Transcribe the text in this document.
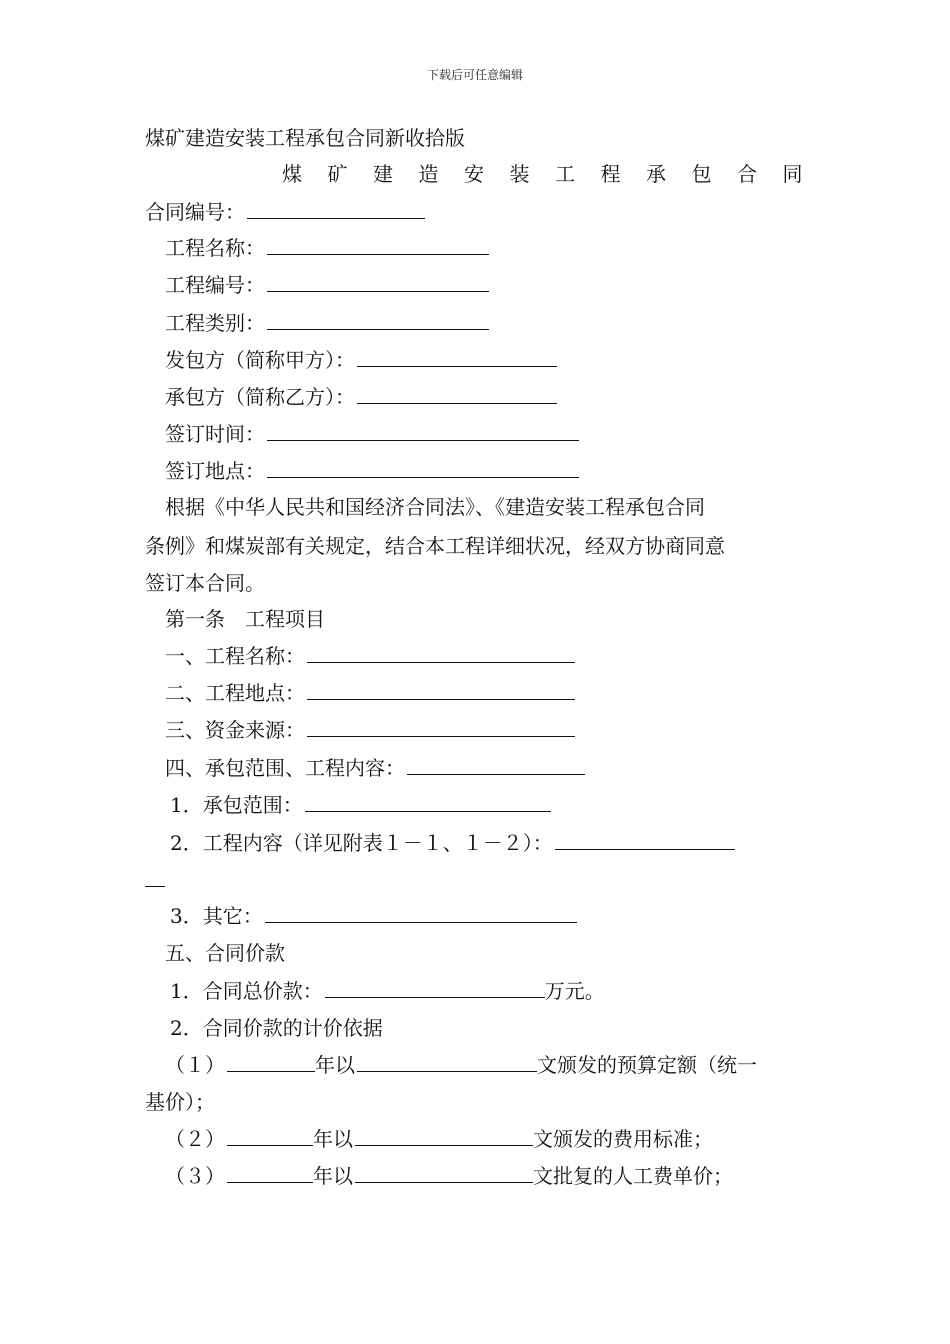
下载后可任意编辑
煤矿建造安装工程承包合同新收拾版
煤矿建造安装工程承包合同
合同编号：
工程名称：
工程编号：
工程类别：
发包方（简称甲方）：
承包方（简称乙方）：
签订时间：
签订地点：
根据《中华人民共和国经济合同法》、《建造安装工程承包合同
条例》和煤炭部有关规定，结合本工程详细状况，经双方协商同意
签订本合同。
第一条　工程项目
一、工程名称：
二、工程地点：
三、资金来源：
四、承包范围、工程内容：
1．承包范围：
2．工程内容（详见附表１－１、１－２）：
3．其它：
五、合同价款
1．合同总价款：	万元。
2．合同价款的计价依据
（１）	年以	文颁发的预算定额（统一
基价）；
（２）	年以	文颁发的费用标准；
（３）	年以	文批复的人工费单价；
